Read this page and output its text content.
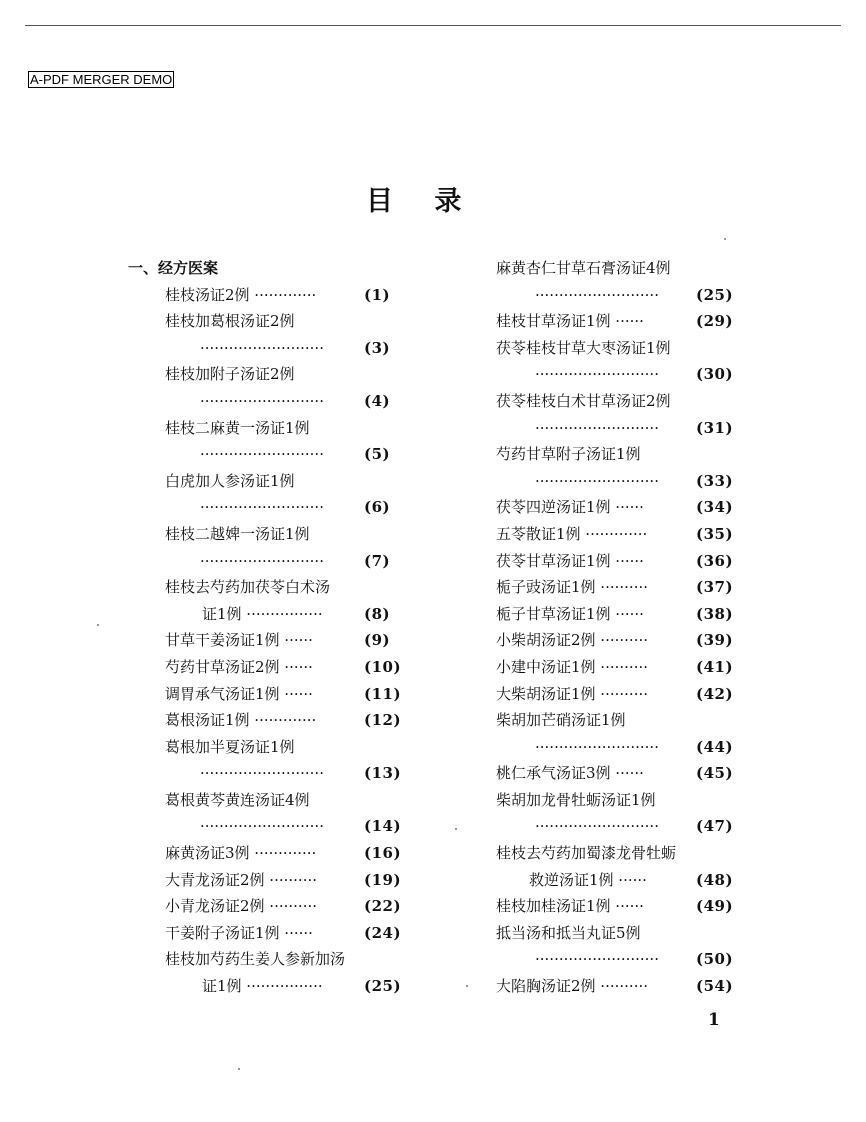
A-PDF MERGER DEMO
目 录
一、经方医案
桂枝汤证2例 ·············	(1)
桂枝加葛根汤证2例
··························	(3)
桂枝加附子汤证2例
··························	(4)
桂枝二麻黄一汤证1例
··························	(5)
白虎加人参汤证1例
··························	(6)
桂枝二越婢一汤证1例
··························	(7)
桂枝去芍药加茯苓白术汤
证1例 ················	(8)
甘草干姜汤证1例 ······	(9)
芍药甘草汤证2例 ······	(10)
调胃承气汤证1例 ······	(11)
葛根汤证1例 ·············	(12)
葛根加半夏汤证1例
··························	(13)
葛根黄芩黄连汤证4例
··························	(14)
麻黄汤证3例 ·············	(16)
大青龙汤证2例 ··········	(19)
小青龙汤证2例 ··········	(22)
干姜附子汤证1例 ······	(24)
桂枝加芍药生姜人参新加汤
证1例 ················	(25)
麻黄杏仁甘草石膏汤证4例
·························· (25)
桂枝甘草汤证1例 ······	(29)
茯苓桂枝甘草大枣汤证1例
·························· (30)
茯苓桂枝白术甘草汤证2例
·························· (31)
芍药甘草附子汤证1例
·························· (33)
茯苓四逆汤证1例 ······	(34)
五苓散证1例 ·············	(35)
茯苓甘草汤证1例 ······	(36)
栀子豉汤证1例 ··········	(37)
栀子甘草汤证1例 ······	(38)
小柴胡汤证2例 ··········	(39)
小建中汤证1例 ··········	(41)
大柴胡汤证1例 ··········	(42)
柴胡加芒硝汤证1例
·························· (44)
桃仁承气汤证3例 ······	(45)
柴胡加龙骨牡蛎汤证1例
·························· (47)
桂枝去芍药加蜀漆龙骨牡蛎
救逆汤证1例 ······	(48)
桂枝加桂汤证1例 ······	(49)
抵当汤和抵当丸证5例
·························· (50)
大陷胸汤证2例 ··········	(54)
1
